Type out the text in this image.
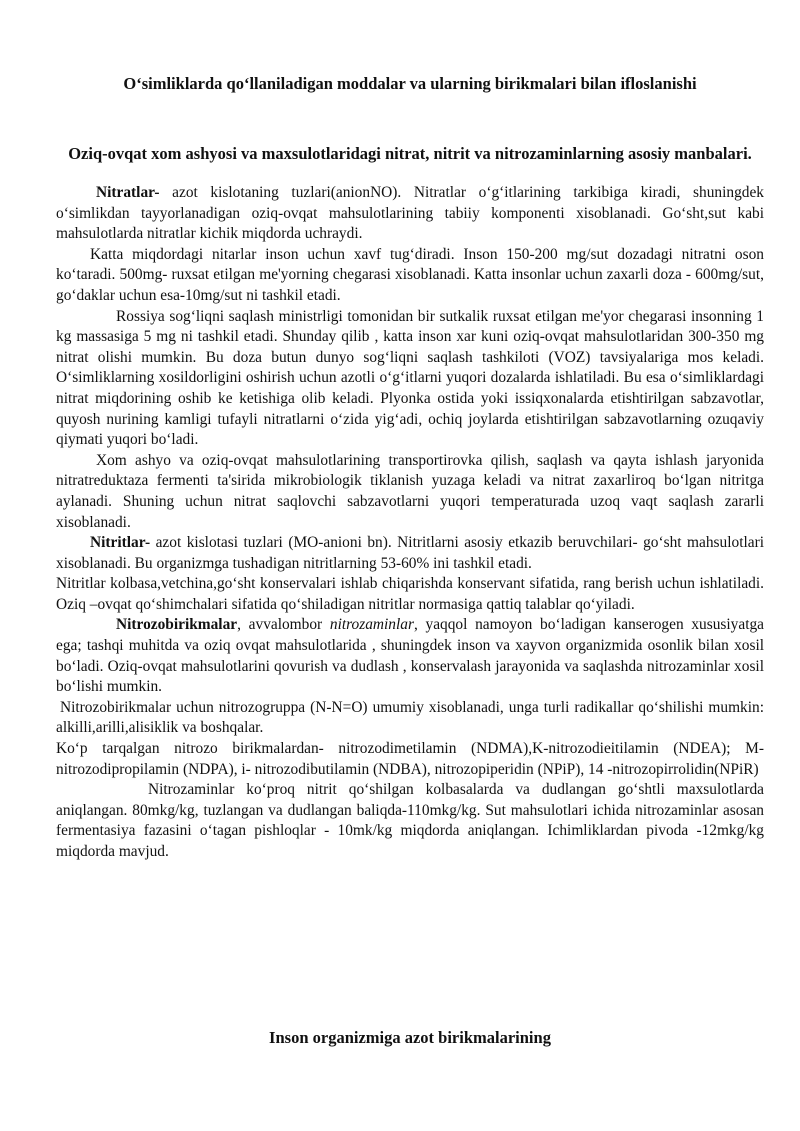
O‘simliklarda qo‘llaniladigan moddalar va ularning birikmalari bilan ifloslanishi
Oziq-ovqat xom ashyosi va maxsulotlaridagi nitrat, nitrit va nitrozaminlarning asosiy manbalari.

Nitratlar- azot kislotaning tuzlari(anionNO). Nitratlar o‘g‘itlarining tarkibiga kiradi, shuningdek o‘simlikdan tayyorlanadigan oziq-ovqat mahsulotlarining tabiiy komponenti xisoblanadi. Go‘sht,sut kabi mahsulotlarda nitratlar kichik miqdorda uchraydi.

Katta miqdordagi nitarlar inson uchun xavf tug‘diradi. Inson 150-200 mg/sut dozadagi nitratni oson ko‘taradi. 500mg- ruxsat etilgan me'yorning chegarasi xisoblanadi. Katta insonlar uchun zaxarli doza - 600mg/sut, go‘daklar uchun esa-10mg/sut ni tashkil etadi.

Rossiya sog‘liqni saqlash ministrligi tomonidan bir sutkalik ruxsat etilgan me'yor chegarasi insonning 1 kg massasiga 5 mg ni tashkil etadi. Shunday qilib , katta inson xar kuni oziq-ovqat mahsulotlaridan 300-350 mg nitrat olishi mumkin. Bu doza butun dunyo sog‘liqni saqlash tashkiloti (VOZ) tavsiyalariga mos keladi. O‘simliklarning xosildorligini oshirish uchun azotli o‘g‘itlarni yuqori dozalarda ishlatiladi. Bu esa o‘simliklardagi nitrat miqdorining oshib ke ketishiga olib keladi. Plyonka ostida yoki issiqxonalarda etishtirilgan sabzavotlar, quyosh nurining kamligi tufayli nitratlarni o‘zida yig‘adi, ochiq joylarda etishtirilgan sabzavotlarning ozuqaviy qiymati yuqori bo‘ladi.

Xom ashyo va oziq-ovqat mahsulotlarining transportirovka qilish, saqlash va qayta ishlash jaryonida nitratreduktaza fermenti ta'sirida mikrobiologik tiklanish yuzaga keladi va nitrat zaxarliroq bo‘lgan nitritga aylanadi. Shuning uchun nitrat saqlovchi sabzavotlarni yuqori temperaturada uzoq vaqt saqlash zararli xisoblanadi.

Nitritlar- azot kislotasi tuzlari (MO-anioni bn). Nitritlarni asosiy etkazib beruvchilari- go‘sht mahsulotlari xisoblanadi. Bu organizmga tushadigan nitritlarning 53-60% ini tashkil etadi.

Nitritlar kolbasa,vetchina,go‘sht konservalari ishlab chiqarishda konservant sifatida, rang berish uchun ishlatiladi. Oziq –ovqat qo‘shimchalari sifatida qo‘shiladigan nitritlar normasiga qattiq talablar qo‘yiladi.

Nitrozobirikmalar, avvalombor nitrozaminlar, yaqqol namoyon bo‘ladigan kanserogen xususiyatga ega; tashqi muhitda va oziq ovqat mahsulotlarida , shuningdek inson va xayvon organizmida osonlik bilan xosil bo‘ladi. Oziq-ovqat mahsulotlarini qovurish va dudlash , konservalash jarayonida va saqlashda nitrozaminlar xosil bo‘lishi mumkin.

Nitrozobirikmalar uchun nitrozogruppa (N-N=O) umumiy xisoblanadi, unga turli radikallar qo‘shilishi mumkin: alkilli,arilli,alisiklik va boshqalar.

Ko‘p tarqalgan nitrozo birikmalardan- nitrozodimetilamin (NDMA),K-nitrozodieitilamin (NDEA); M- nitrozodipropilamin (NDPA), i- nitrozodibutilamin (NDBA), nitrozopiperidin (NPiP), 14 -nitrozopirrolidin(NPiR)

Nitrozaminlar ko‘proq nitrit qo‘shilgan kolbasalarda va dudlangan go‘shtli maxsulotlarda aniqlangan. 80mkg/kg, tuzlangan va dudlangan baliqda-110mkg/kg. Sut mahsulotlari ichida nitrozaminlar asosan fermentasiya fazasini o‘tagan pishloqlar - 10mk/kg miqdorda aniqlangan. Ichimliklardan pivoda -12mkg/kg miqdorda mavjud.

Inson organizmiga azot birikmalarining
